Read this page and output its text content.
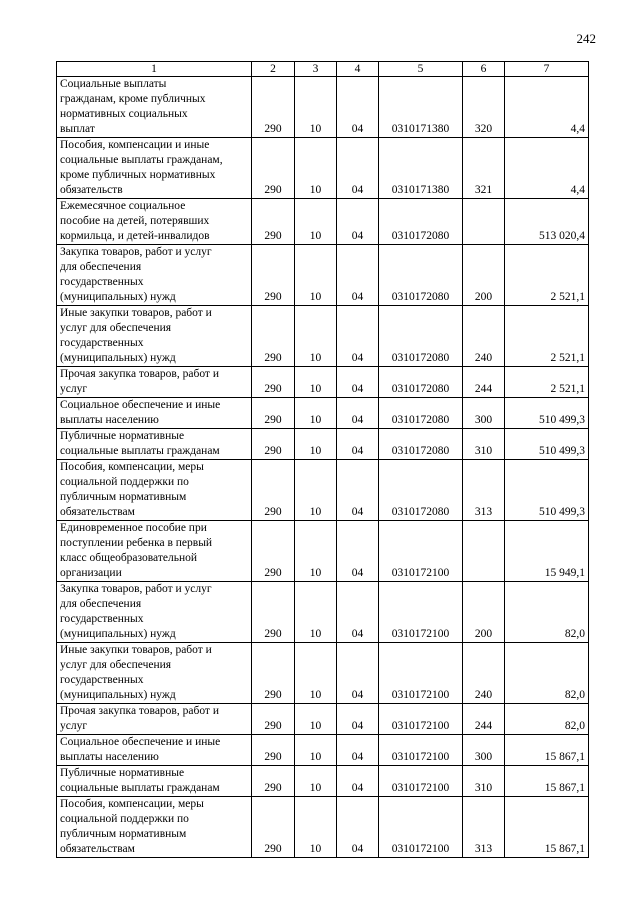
242
1	2	3	4	5	6	7

Социальные выплаты
гражданам, кроме публичных
нормативных социальных
выплат	290	10	04	0310171380	320	4,4

Пособия, компенсации и иные
социальные выплаты гражданам,
кроме публичных нормативных
обязательств	290	10	04	0310171380	321	4,4

Ежемесячное социальное
пособие на детей, потерявших
кормильца, и детей-инвалидов	290	10	04	0310172080		513 020,4

Закупка товаров, работ и услуг
для обеспечения
государственных
(муниципальных) нужд	290	10	04	0310172080	200	2 521,1

Иные закупки товаров, работ и
услуг для обеспечения
государственных
(муниципальных) нужд	290	10	04	0310172080	240	2 521,1

Прочая закупка товаров, работ и
услуг	290	10	04	0310172080	244	2 521,1

Социальное обеспечение и иные
выплаты населению	290	10	04	0310172080	300	510 499,3

Публичные нормативные
социальные выплаты гражданам	290	10	04	0310172080	310	510 499,3

Пособия, компенсации, меры
социальной поддержки по
публичным нормативным
обязательствам	290	10	04	0310172080	313	510 499,3

Единовременное пособие при
поступлении ребенка в первый
класс общеобразовательной
организации	290	10	04	0310172100		15 949,1

Закупка товаров, работ и услуг
для обеспечения
государственных
(муниципальных) нужд	290	10	04	0310172100	200	82,0

Иные закупки товаров, работ и
услуг для обеспечения
государственных
(муниципальных) нужд	290	10	04	0310172100	240	82,0

Прочая закупка товаров, работ и
услуг	290	10	04	0310172100	244	82,0

Социальное обеспечение и иные
выплаты населению	290	10	04	0310172100	300	15 867,1

Публичные нормативные
социальные выплаты гражданам	290	10	04	0310172100	310	15 867,1

Пособия, компенсации, меры
социальной поддержки по
публичным нормативным
обязательствам	290	10	04	0310172100	313	15 867,1
